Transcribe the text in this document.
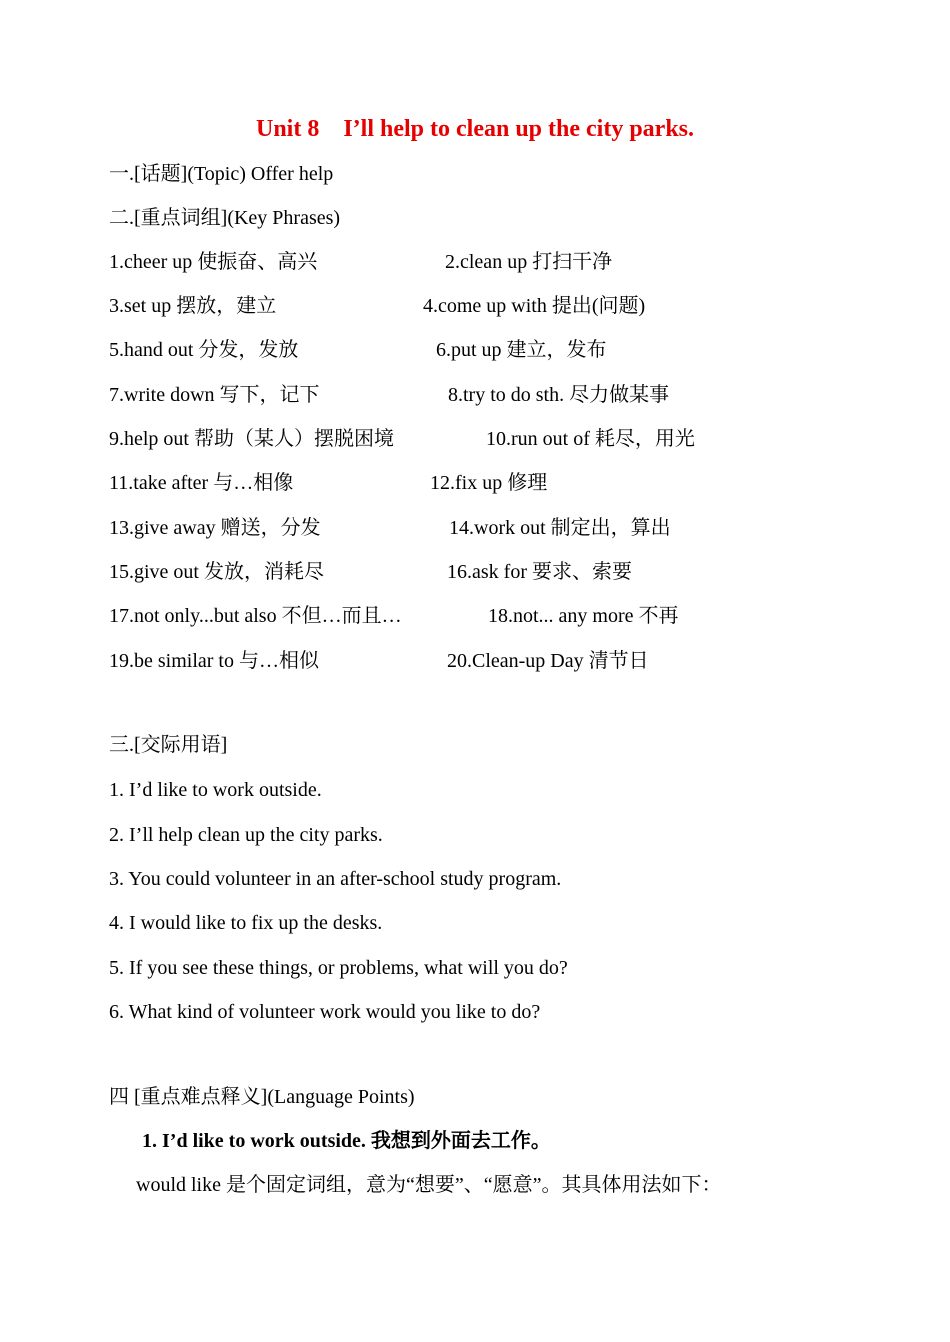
Unit 8    I’ll help to clean up the city parks.
一.[话题](Topic) Offer help
二.[重点词组](Key Phrases)
1.cheer up 使振奋、高兴	2.clean up 打扫干净
3.set up 摆放，建立	4.come up with 提出(问题)
5.hand out 分发，发放	6.put up 建立，发布
7.write down 写下，记下	8.try to do sth. 尽力做某事
9.help out 帮助（某人）摆脱困境	10.run out of 耗尽，用光
11.take after 与…相像	12.fix up 修理
13.give away 赠送，分发	14.work out 制定出，算出
15.give out 发放，消耗尽	16.ask for 要求、索要
17.not only...but also 不但…而且…	18.not... any more 不再
19.be similar to 与…相似	20.Clean-up Day 清节日
三.[交际用语]
1. I’d like to work outside.
2. I’ll help clean up the city parks.
3. You could volunteer in an after-school study program.
4. I would like to fix up the desks.
5. If you see these things, or problems, what will you do?
6. What kind of volunteer work would you like to do?
四 [重点难点释义](Language Points)
1. I’d like to work outside. 我想到外面去工作。
would like 是个固定词组，意为“想要”、“愿意”。其具体用法如下：
